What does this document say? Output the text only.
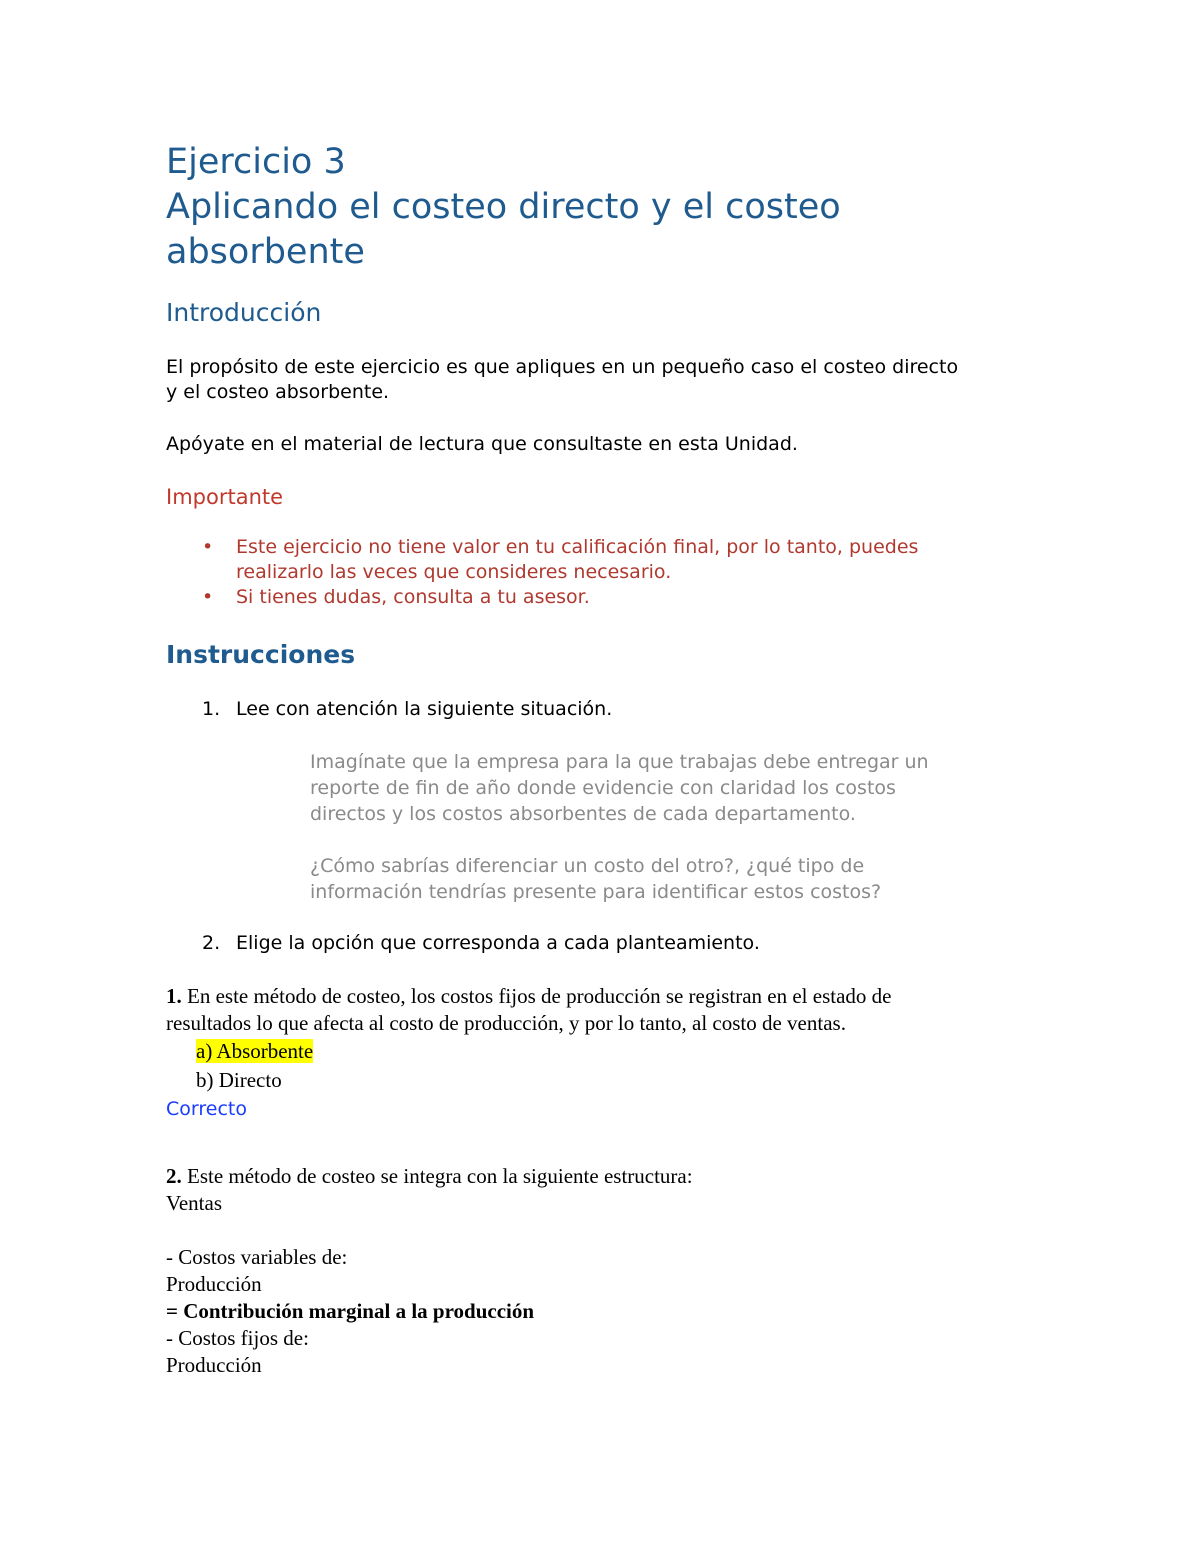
Ejercicio 3
Aplicando el costeo directo y el costeo
absorbente
Introducción
El propósito de este ejercicio es que apliques en un pequeño caso el costeo directo
y el costeo absorbente.
Apóyate en el material de lectura que consultaste en esta Unidad.
Importante
• Este ejercicio no tiene valor en tu calificación final, por lo tanto, puedes
realizarlo las veces que consideres necesario.
• Si tienes dudas, consulta a tu asesor.
Instrucciones
1. Lee con atención la siguiente situación.
Imagínate que la empresa para la que trabajas debe entregar un
reporte de fin de año donde evidencie con claridad los costos
directos y los costos absorbentes de cada departamento.
¿Cómo sabrías diferenciar un costo del otro?, ¿qué tipo de
información tendrías presente para identificar estos costos?
2. Elige la opción que corresponda a cada planteamiento.
1. En este método de costeo, los costos fijos de producción se registran en el estado de
resultados lo que afecta al costo de producción, y por lo tanto, al costo de ventas.
a) Absorbente
b) Directo
Correcto
2. Este método de costeo se integra con la siguiente estructura:
Ventas
- Costos variables de:
Producción
= Contribución marginal a la producción
- Costos fijos de:
Producción
